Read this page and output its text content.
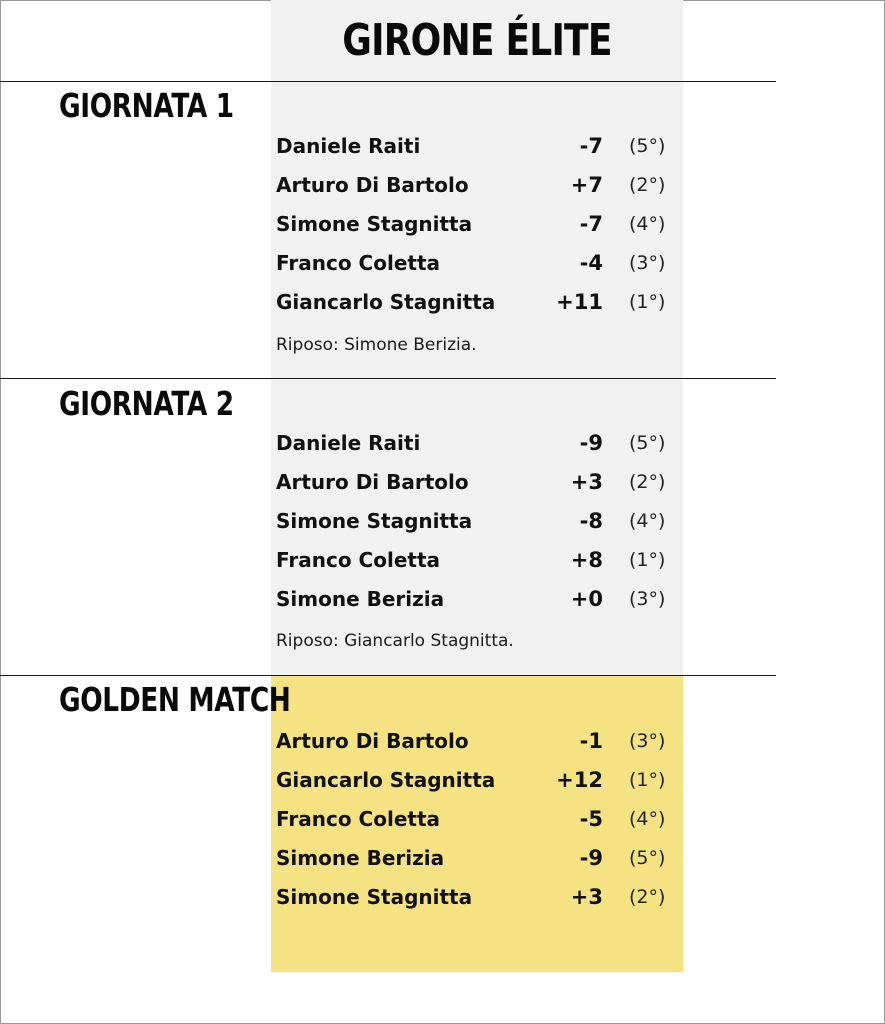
GIRONE ÉLITE
GIORNATA 1
Daniele Raiti	-7 (5°)
Arturo Di Bartolo	+7 (2°)
Simone Stagnitta	-7 (4°)
Franco Coletta	-4 (3°)
Giancarlo Stagnitta	+11 (1°)
Riposo: Simone Berizia.
GIORNATA 2
Daniele Raiti	-9 (5°)
Arturo Di Bartolo	+3 (2°)
Simone Stagnitta	-8 (4°)
Franco Coletta	+8 (1°)
Simone Berizia	+0 (3°)
Riposo: Giancarlo Stagnitta.
GOLDEN MATCH
Arturo Di Bartolo	-1 (3°)
Giancarlo Stagnitta	+12 (1°)
Franco Coletta	-5 (4°)
Simone Berizia	-9 (5°)
Simone Stagnitta	+3 (2°)
